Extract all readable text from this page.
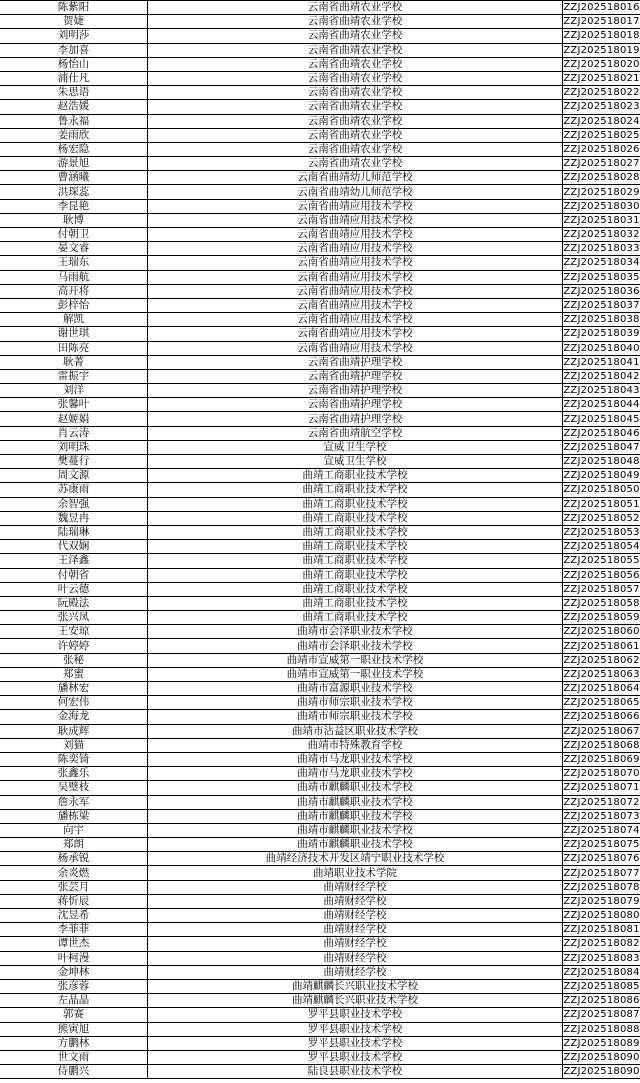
陈紫阳	云南省曲靖农业学校	ZZJ202518016
贺婕	云南省曲靖农业学校	ZZJ202518017
刘明莎	云南省曲靖农业学校	ZZJ202518018
李加喜	云南省曲靖农业学校	ZZJ202518019
杨怡山	云南省曲靖农业学校	ZZJ202518020
浦仕凡	云南省曲靖农业学校	ZZJ202518021
朱思语	云南省曲靖农业学校	ZZJ202518022
赵浩媛	云南省曲靖农业学校	ZZJ202518023
鲁永福	云南省曲靖农业学校	ZZJ202518024
姜雨欣	云南省曲靖农业学校	ZZJ202518025
杨宏隐	云南省曲靖农业学校	ZZJ202518026
游景旭	云南省曲靖农业学校	ZZJ202518027
曹涵曦	云南省曲靖幼儿师范学校	ZZJ202518028
洪琛蕊	云南省曲靖幼儿师范学校	ZZJ202518029
李昆艳	云南省曲靖应用技术学校	ZZJ202518030
耿博	云南省曲靖应用技术学校	ZZJ202518031
付朝卫	云南省曲靖应用技术学校	ZZJ202518032
晏文睿	云南省曲靖应用技术学校	ZZJ202518033
王瑞东	云南省曲靖应用技术学校	ZZJ202518034
马雨航	云南省曲靖应用技术学校	ZZJ202518035
高开将	云南省曲靖应用技术学校	ZZJ202518036
彭梓怡	云南省曲靖应用技术学校	ZZJ202518037
解凯	云南省曲靖应用技术学校	ZZJ202518038
谢世琪	云南省曲靖应用技术学校	ZZJ202518039
田陈亮	云南省曲靖应用技术学校	ZZJ202518040
耿菁	云南省曲靖护理学校	ZZJ202518041
雷振宇	云南省曲靖护理学校	ZZJ202518042
刘洋	云南省曲靖护理学校	ZZJ202518043
张馨叶	云南省曲靖护理学校	ZZJ202518044
赵姬娟	云南省曲靖护理学校	ZZJ202518045
肖云涛	云南省曲靖航空学校	ZZJ202518046
刘明珠	宣威卫生学校	ZZJ202518047
樊蔓行	宣威卫生学校	ZZJ202518048
周文源	曲靖工商职业技术学校	ZZJ202518049
苏康雨	曲靖工商职业技术学校	ZZJ202518050
余智强	曲靖工商职业技术学校	ZZJ202518051
魏昱冉	曲靖工商职业技术学校	ZZJ202518052
陆瑞琳	曲靖工商职业技术学校	ZZJ202518053
代双娴	曲靖工商职业技术学校	ZZJ202518054
王泽鑫	曲靖工商职业技术学校	ZZJ202518055
付朝省	曲靖工商职业技术学校	ZZJ202518056
叶云德	曲靖工商职业技术学校	ZZJ202518057
阮殿法	曲靖工商职业技术学校	ZZJ202518058
张兴凤	曲靖工商职业技术学校	ZZJ202518059
王安琼	曲靖市会泽职业技术学校	ZZJ202518060
许婷婷	曲靖市会泽职业技术学校	ZZJ202518061
张秘	曲靖市宣威第一职业技术学校	ZZJ202518062
郑蜜	曲靖市宣威第一职业技术学校	ZZJ202518063
旙林宏	曲靖市富源职业技术学校	ZZJ202518064
何宏伟	曲靖市师宗职业技术学校	ZZJ202518065
金海龙	曲靖市师宗职业技术学校	ZZJ202518066
耿成辉	曲靖市沾益区职业技术学校	ZZJ202518067
刘猫	曲靖市特殊教育学校	ZZJ202518068
陈奕锜	曲靖市马龙职业技术学校	ZZJ202518069
张鑫乐	曲靖市马龙职业技术学校	ZZJ202518070
吴璧枝	曲靖市麒麟职业技术学校	ZZJ202518071
詹永军	曲靖市麒麟职业技术学校	ZZJ202518072
旙栋梁	曲靖市麒麟职业技术学校	ZZJ202518073
向宇	曲靖市麒麟职业技术学校	ZZJ202518074
郑朗	曲靖市麒麟职业技术学校	ZZJ202518075
杨承锐	曲靖经济技术开发区靖宁职业技术学校	ZZJ202518076
余炎燃	曲靖职业技术学院	ZZJ202518077
张芸月	曲靖财经学校	ZZJ202518078
蒋忻辰	曲靖财经学校	ZZJ202518079
沈昱希	曲靖财经学校	ZZJ202518080
李菲菲	曲靖财经学校	ZZJ202518081
谭世杰	曲靖财经学校	ZZJ202518082
叶柯漫	曲靖财经学校	ZZJ202518083
金坤林	曲靖财经学校	ZZJ202518084
张彦蓉	曲靖麒麟长兴职业技术学校	ZZJ202518085
左晶晶	曲靖麒麟长兴职业技术学校	ZZJ202518086
郭赛	罗平县职业技术学校	ZZJ202518087
熊寅旭	罗平县职业技术学校	ZZJ202518088
方鹏林	罗平县职业技术学校	ZZJ202518089
世文雨	罗平县职业技术学校	ZZJ202518090
侍鹏兴	陆良县职业技术学校	ZZJ202518090
